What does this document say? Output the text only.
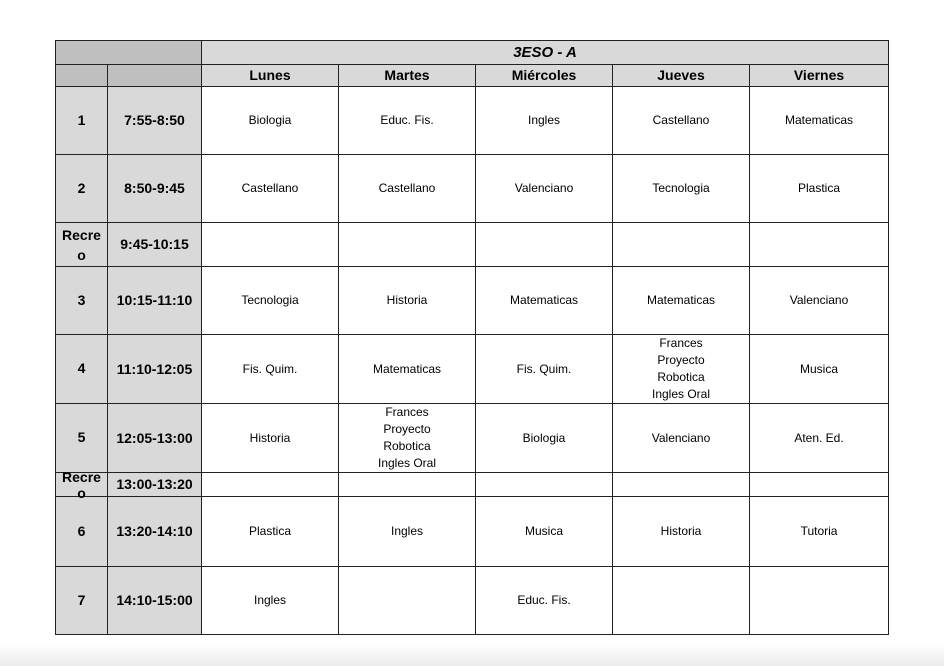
		3ESO - A				
		Lunes	Martes	Miércoles	Jueves	Viernes
1	7:55-8:50	Biologia	Educ. Fis.	Ingles	Castellano	Matematicas
2	8:50-9:45	Castellano	Castellano	Valenciano	Tecnologia	Plastica
Recre
o	9:45-10:15					
3	10:15-11:10	Tecnologia	Historia	Matematicas	Matematicas	Valenciano
4	11:10-12:05	Fis. Quim.	Matematicas	Fis. Quim.	Frances
Proyecto
Robotica
Ingles Oral	Musica
5	12:05-13:00	Historia	Frances
Proyecto
Robotica
Ingles Oral	Biologia	Valenciano	Aten. Ed.

Recre
o	13:00-13:20					
6	13:20-14:10	Plastica	Ingles	Musica	Historia	Tutoria
7	14:10-15:00	Ingles		Educ. Fis.		
